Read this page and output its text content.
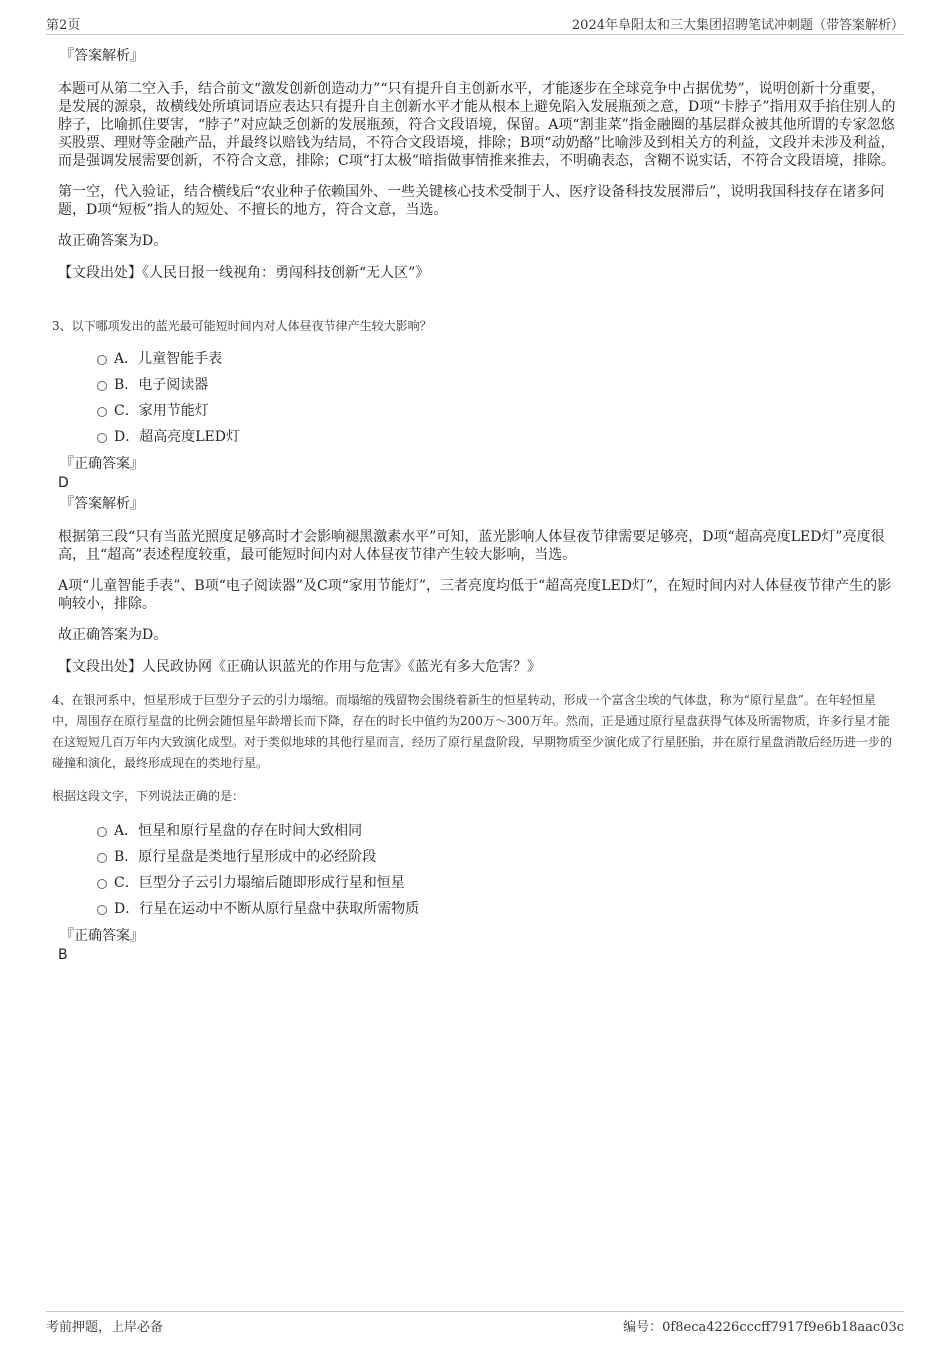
第2页	2024年阜阳太和三大集团招聘笔试冲刺题（带答案解析）

『答案解析』

本题可从第二空入手，结合前文“激发创新创造动力”“只有提升自主创新水平，才能逐步在全球竞争中占据优势”，说明创新十分重要，是发展的源泉，故横线处所填词语应表达只有提升自主创新水平才能从根本上避免陷入发展瓶颈之意，D项“卡脖子”指用双手掐住别人的脖子，比喻抓住要害，“脖子”对应缺乏创新的发展瓶颈，符合文段语境，保留。A项“割韭菜”指金融圈的基层群众被其他所谓的专家忽悠买股票、理财等金融产品，并最终以赔钱为结局，不符合文段语境，排除；B项“动奶酪”比喻涉及到相关方的利益，文段并未涉及利益，而是强调发展需要创新，不符合文意，排除；C项“打太极”暗指做事情推来推去，不明确表态，含糊不说实话，不符合文段语境，排除。

第一空，代入验证，结合横线后“农业种子依赖国外、一些关键核心技术受制于人、医疗设备科技发展滞后”，说明我国科技存在诸多问题，D项“短板”指人的短处、不擅长的地方，符合文意，当选。

故正确答案为D。

【文段出处】《人民日报一线视角：勇闯科技创新“无人区”》

3、以下哪项发出的蓝光最可能短时间内对人体昼夜节律产生较大影响？

A．儿童智能手表
B．电子阅读器
C．家用节能灯
D．超高亮度LED灯

『正确答案』

D

『答案解析』

根据第三段“只有当蓝光照度足够高时才会影响褪黑激素水平”可知，蓝光影响人体昼夜节律需要足够亮，D项“超高亮度LED灯”亮度很高，且“超高”表述程度较重，最可能短时间内对人体昼夜节律产生较大影响，当选。

A项“儿童智能手表”、B项“电子阅读器”及C项“家用节能灯”，三者亮度均低于“超高亮度LED灯”，在短时间内对人体昼夜节律产生的影响较小，排除。

故正确答案为D。

【文段出处】人民政协网《正确认识蓝光的作用与危害》《蓝光有多大危害？》

4、在银河系中，恒星形成于巨型分子云的引力塌缩。而塌缩的残留物会围绕着新生的恒星转动，形成一个富含尘埃的气体盘，称为“原行星盘”。在年轻恒星中，周围存在原行星盘的比例会随恒星年龄增长而下降，存在的时长中值约为200万～300万年。然而，正是通过原行星盘获得气体及所需物质，许多行星才能在这短短几百万年内大致演化成型。对于类似地球的其他行星而言，经历了原行星盘阶段，早期物质至少演化成了行星胚胎，并在原行星盘消散后经历进一步的碰撞和演化，最终形成现在的类地行星。

根据这段文字，下列说法正确的是：

A．恒星和原行星盘的存在时间大致相同
B．原行星盘是类地行星形成中的必经阶段
C．巨型分子云引力塌缩后随即形成行星和恒星
D．行星在运动中不断从原行星盘中获取所需物质

『正确答案』

B

考前押题，上岸必备	编号：0f8eca4226cccff7917f9e6b18aac03c
